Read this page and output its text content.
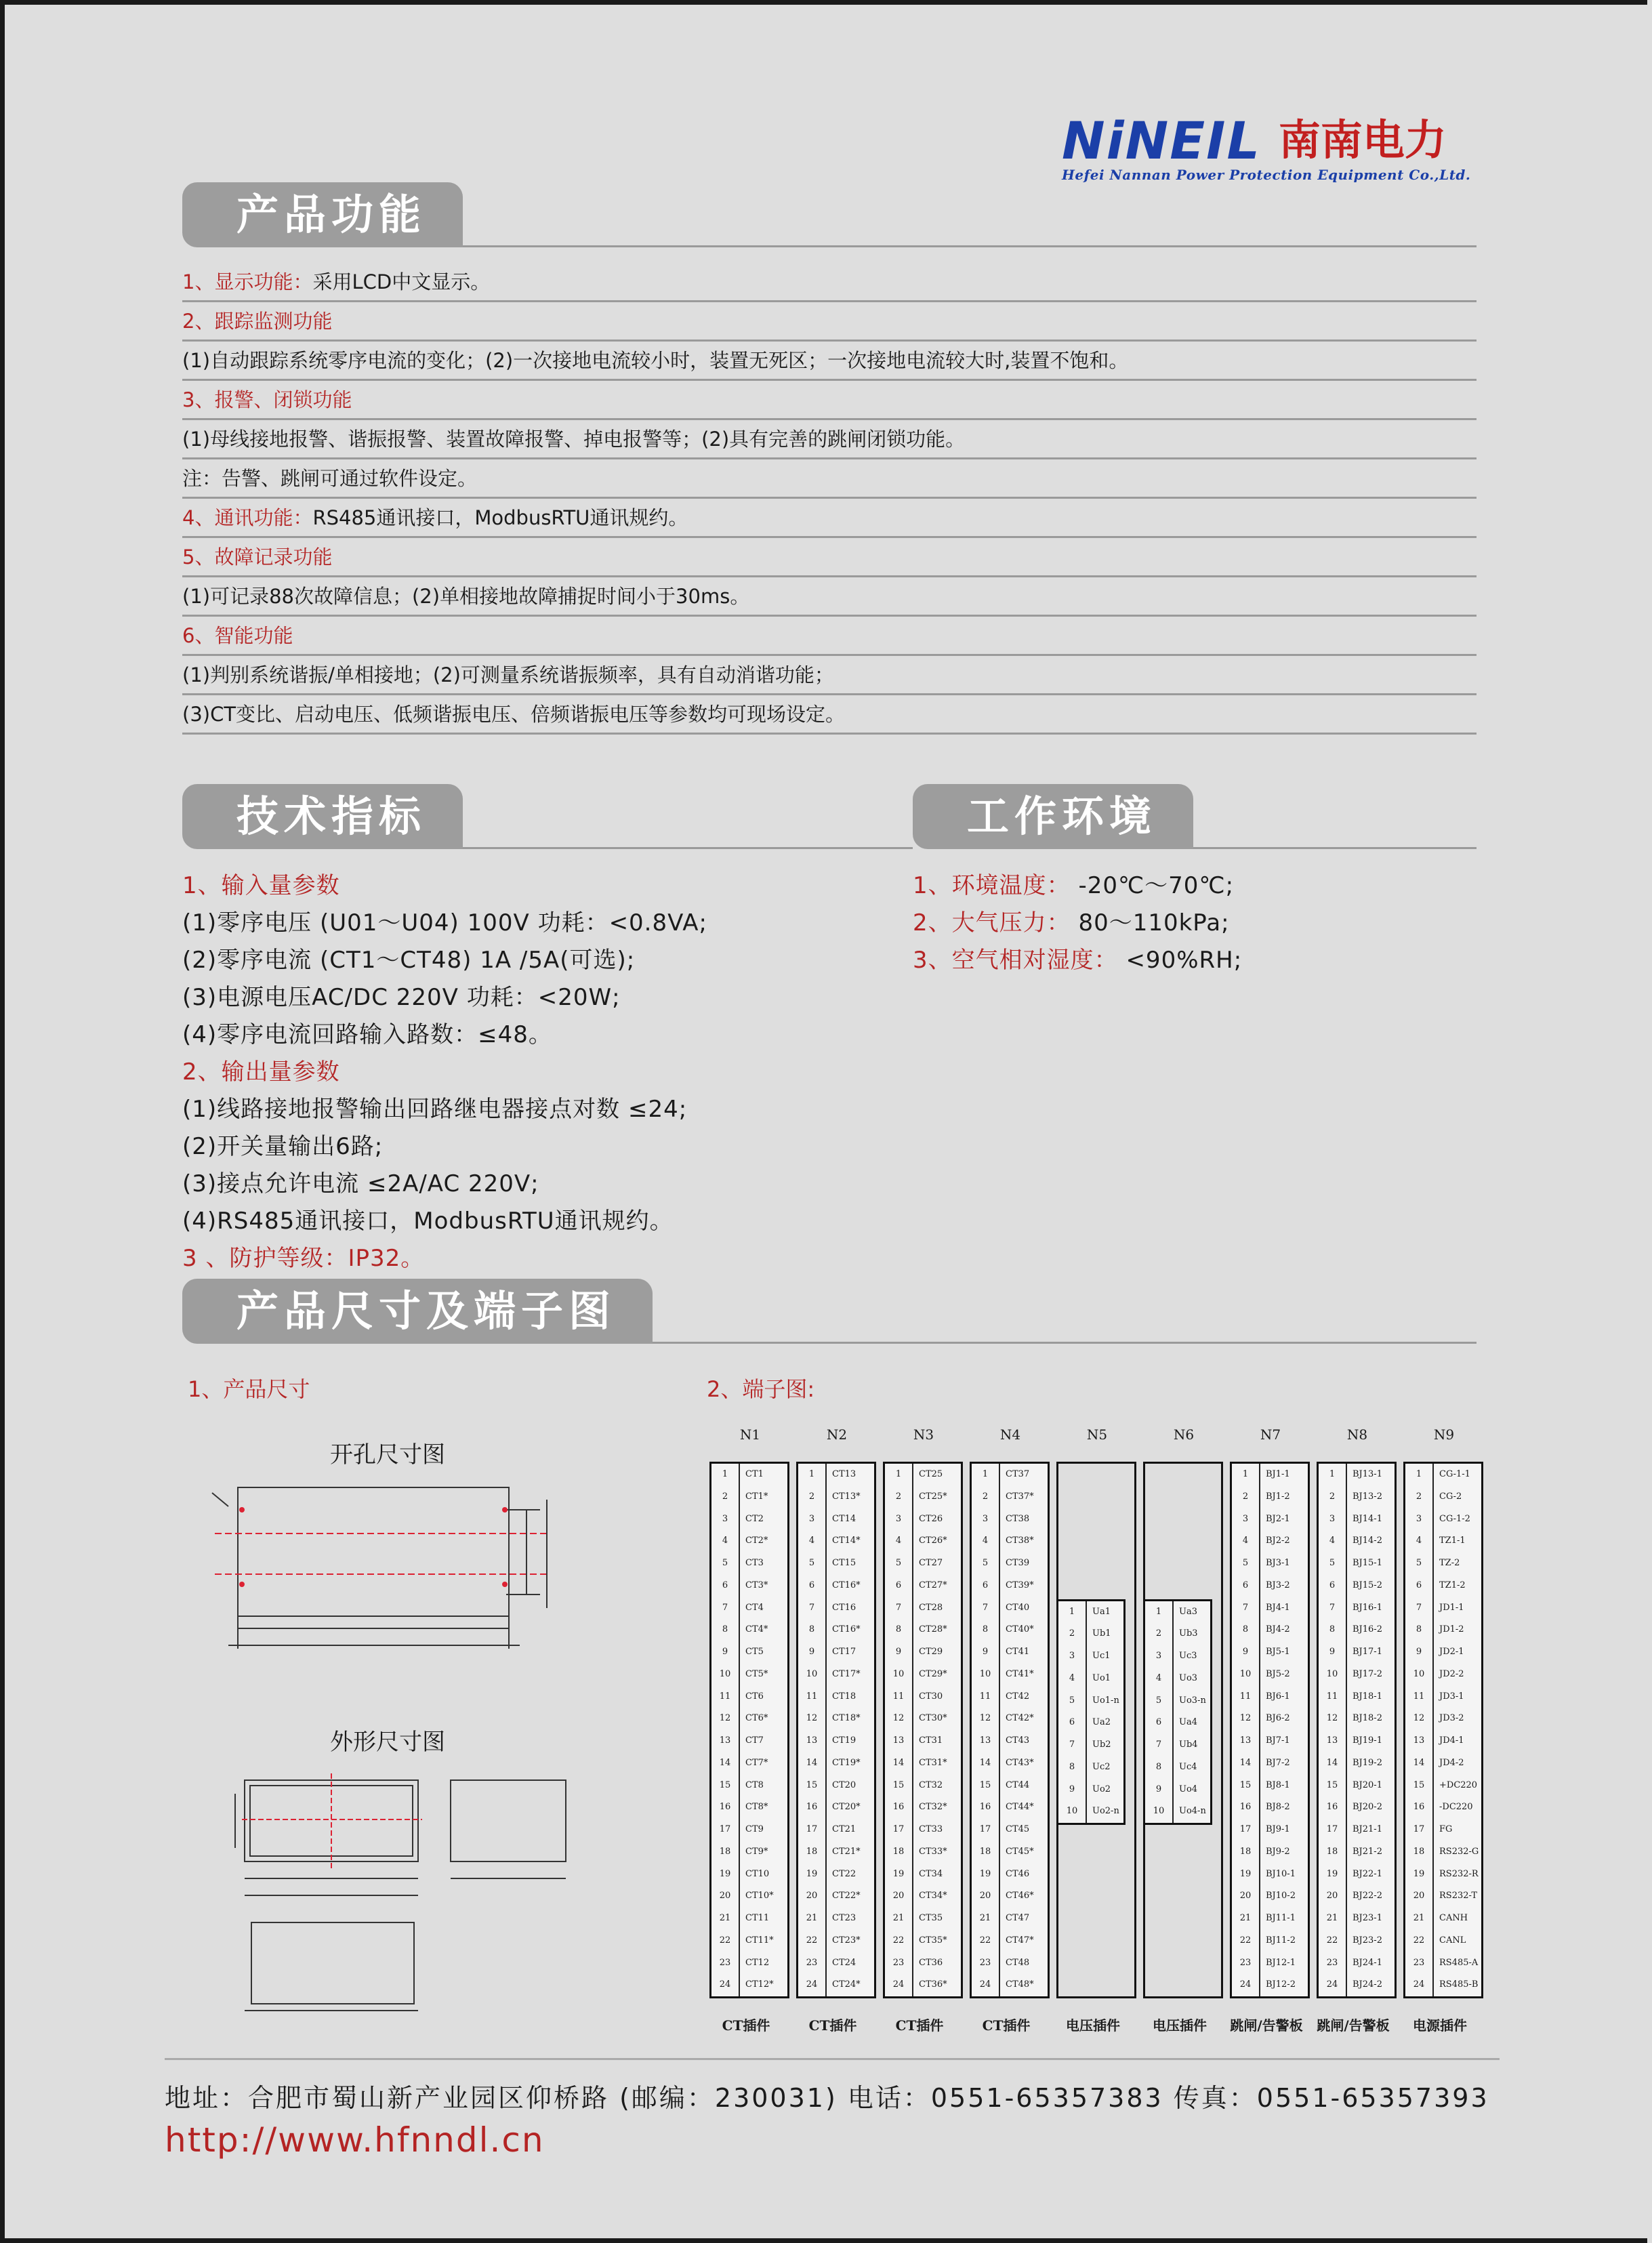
NiNEIL 南南电力
Hefei Nannan Power Protection Equipment Co.,Ltd.
产品功能
1、显示功能：采用LCD中文显示。
2、跟踪监测功能
(1)自动跟踪系统零序电流的变化；(2)一次接地电流较小时，装置无死区；一次接地电流较大时,装置不饱和。
3、报警、闭锁功能
(1)母线接地报警、谐振报警、装置故障报警、掉电报警等；(2)具有完善的跳闸闭锁功能。
注：告警、跳闸可通过软件设定。
4、通讯功能：RS485通讯接口，ModbusRTU通讯规约。
5、故障记录功能
(1)可记录88次故障信息；(2)单相接地故障捕捉时间小于30ms。
6、智能功能
(1)判别系统谐振/单相接地；(2)可测量系统谐振频率，具有自动消谐功能；
(3)CT变比、启动电压、低频谐振电压、倍频谐振电压等参数均可现场设定。
技术指标
1、输入量参数
(1)零序电压 (U01～U04) 100V 功耗：<0.8VA;
(2)零序电流 (CT1～CT48) 1A /5A(可选);
(3)电源电压AC/DC 220V 功耗：<20W;
(4)零序电流回路输入路数：≤48。
2、输出量参数
(1)线路接地报警输出回路继电器接点对数 ≤24;
(2)开关量输出6路;
(3)接点允许电流 ≤2A/AC 220V;
(4)RS485通讯接口，ModbusRTU通讯规约。
3 、防护等级：IP32。
工作环境
1、环境温度： -20℃～70℃;
2、大气压力： 80～110kPa;
3、空气相对湿度： <90%RH;
产品尺寸及端子图
1、产品尺寸	2、端子图:
开孔尺寸图
外形尺寸图
N1
1	CT1
2	CT1*
3	CT2
4	CT2*
5	CT3
6	CT3*
7	CT4
8	CT4*
9	CT5
10	CT5*
11	CT6
12	CT6*
13	CT7
14	CT7*
15	CT8
16	CT8*
17	CT9
18	CT9*
19	CT10
20	CT10*
21	CT11
22	CT11*
23	CT12
24	CT12*
CT插件
N2
1	CT13
2	CT13*
3	CT14
4	CT14*
5	CT15
6	CT16*
7	CT16
8	CT16*
9	CT17
10	CT17*
11	CT18
12	CT18*
13	CT19
14	CT19*
15	CT20
16	CT20*
17	CT21
18	CT21*
19	CT22
20	CT22*
21	CT23
22	CT23*
23	CT24
24	CT24*
CT插件
N3
1	CT25
2	CT25*
3	CT26
4	CT26*
5	CT27
6	CT27*
7	CT28
8	CT28*
9	CT29
10	CT29*
11	CT30
12	CT30*
13	CT31
14	CT31*
15	CT32
16	CT32*
17	CT33
18	CT33*
19	CT34
20	CT34*
21	CT35
22	CT35*
23	CT36
24	CT36*
CT插件
N4
1	CT37
2	CT37*
3	CT38
4	CT38*
5	CT39
6	CT39*
7	CT40
8	CT40*
9	CT41
10	CT41*
11	CT42
12	CT42*
13	CT43
14	CT43*
15	CT44
16	CT44*
17	CT45
18	CT45*
19	CT46
20	CT46*
21	CT47
22	CT47*
23	CT48
24	CT48*
CT插件
N5
1	Ua1
2	Ub1
3	Uc1
4	Uo1
5	Uo1-n
6	Ua2
7	Ub2
8	Uc2
9	Uo2
10	Uo2-n
电压插件
N6
1	Ua3
2	Ub3
3	Uc3
4	Uo3
5	Uo3-n
6	Ua4
7	Ub4
8	Uc4
9	Uo4
10	Uo4-n
电压插件
N7
1	BJ1-1
2	BJ1-2
3	BJ2-1
4	BJ2-2
5	BJ3-1
6	BJ3-2
7	BJ4-1
8	BJ4-2
9	BJ5-1
10	BJ5-2
11	BJ6-1
12	BJ6-2
13	BJ7-1
14	BJ7-2
15	BJ8-1
16	BJ8-2
17	BJ9-1
18	BJ9-2
19	BJ10-1
20	BJ10-2
21	BJ11-1
22	BJ11-2
23	BJ12-1
24	BJ12-2
跳闸/告警板
N8
1	BJ13-1
2	BJ13-2
3	BJ14-1
4	BJ14-2
5	BJ15-1
6	BJ15-2
7	BJ16-1
8	BJ16-2
9	BJ17-1
10	BJ17-2
11	BJ18-1
12	BJ18-2
13	BJ19-1
14	BJ19-2
15	BJ20-1
16	BJ20-2
17	BJ21-1
18	BJ21-2
19	BJ22-1
20	BJ22-2
21	BJ23-1
22	BJ23-2
23	BJ24-1
24	BJ24-2
跳闸/告警板
N9
1	CG-1-1
2	CG-2
3	CG-1-2
4	TZ1-1
5	TZ-2
6	TZ1-2
7	JD1-1
8	JD1-2
9	JD2-1
10	JD2-2
11	JD3-1
12	JD3-2
13	JD4-1
14	JD4-2
15	+DC220
16	-DC220
17	FG
18	RS232-G
19	RS232-R
20	RS232-T
21	CANH
22	CANL
23	RS485-A
24	RS485-B
电源插件
地址：合肥市蜀山新产业园区仰桥路 (邮编：230031) 电话：0551-65357383 传真：0551-65357393
http://www.hfnndl.cn
